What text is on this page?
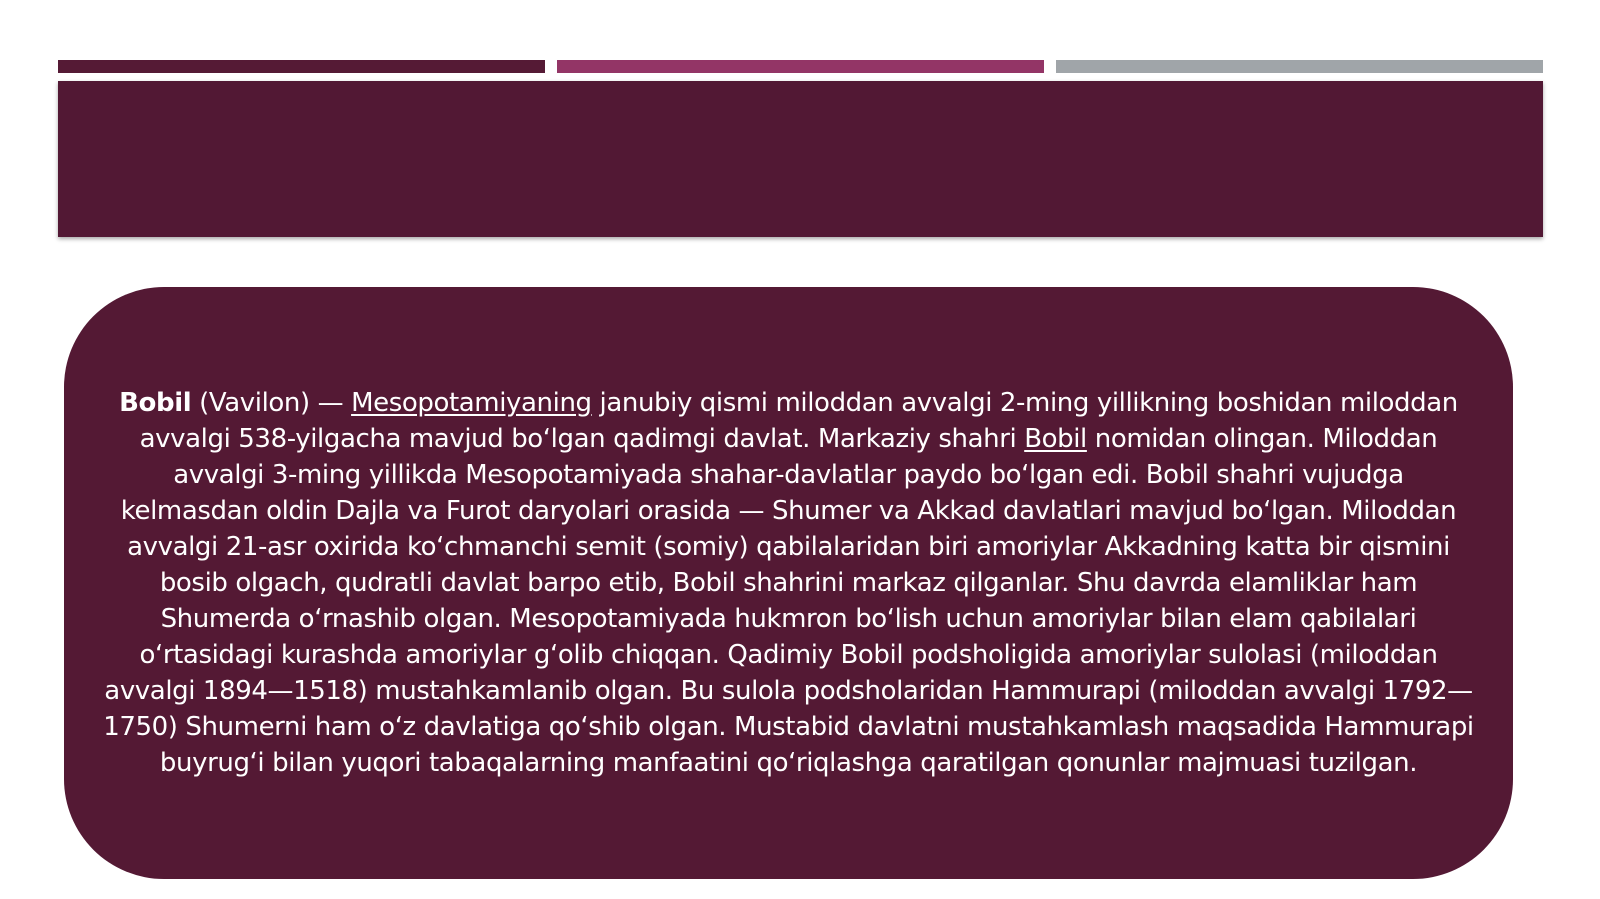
Bobil (Vavilon) — Mesopotamiyaning janubiy qismi miloddan avvalgi 2-ming yillikning boshidan miloddan avvalgi 538-yilgacha mavjud bo‘lgan qadimgi davlat. Markaziy shahri Bobil nomidan olingan. Miloddan avvalgi 3-ming yillikda Mesopotamiyada shahar-davlatlar paydo bo‘lgan edi. Bobil shahri vujudga kelmasdan oldin Dajla va Furot daryolari orasida — Shumer va Akkad davlatlari mavjud bo‘lgan. Miloddan avvalgi 21-asr oxirida ko‘chmanchi semit (somiy) qabilalaridan biri amoriylar Akkadning katta bir qismini bosib olgach, qudratli davlat barpo etib, Bobil shahrini markaz qilganlar. Shu davrda elamliklar ham Shumerda o‘rnashib olgan. Mesopotamiyada hukmron bo‘lish uchun amoriylar bilan elam qabilalari o‘rtasidagi kurashda amoriylar g‘olib chiqqan. Qadimiy Bobil podsholigida amoriylar sulolasi (miloddan avvalgi 1894—1518) mustahkamlanib olgan. Bu sulola podsholaridan Hammurapi (miloddan avvalgi 1792—1750) Shumerni ham o‘z davlatiga qo‘shib olgan. Mustabid davlatni mustahkamlash maqsadida Hammurapi buyrug‘i bilan yuqori tabaqalarning manfaatini qo‘riqlashga qaratilgan qonunlar majmuasi tuzilgan.
